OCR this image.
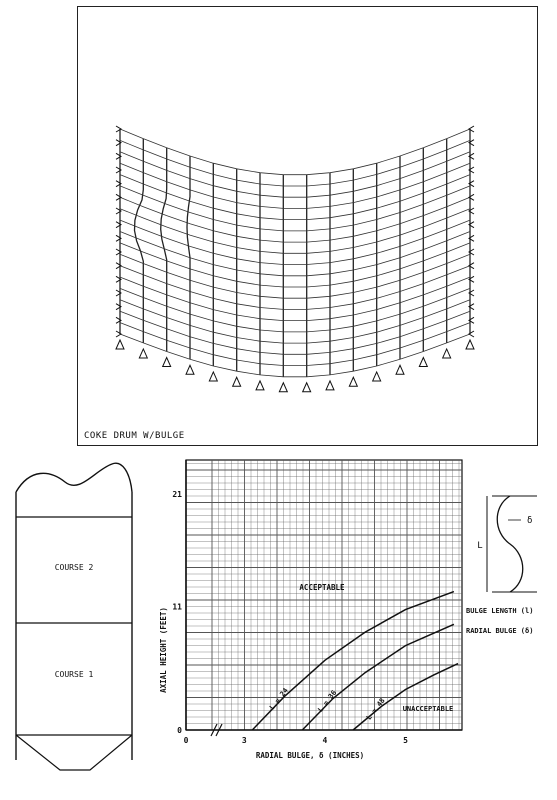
COKE DRUM W/BULGE
COURSE 2
COURSE 1
L = 24	L = 36	L = 48
0	3	4	5
0
11
21
ACCEPTABLE
UNACCEPTABLE
RADIAL BULGE, δ (INCHES)
AXIAL HEIGHT (FEET)
δ
L
BULGE LENGTH (l)
RADIAL BULGE (δ)
